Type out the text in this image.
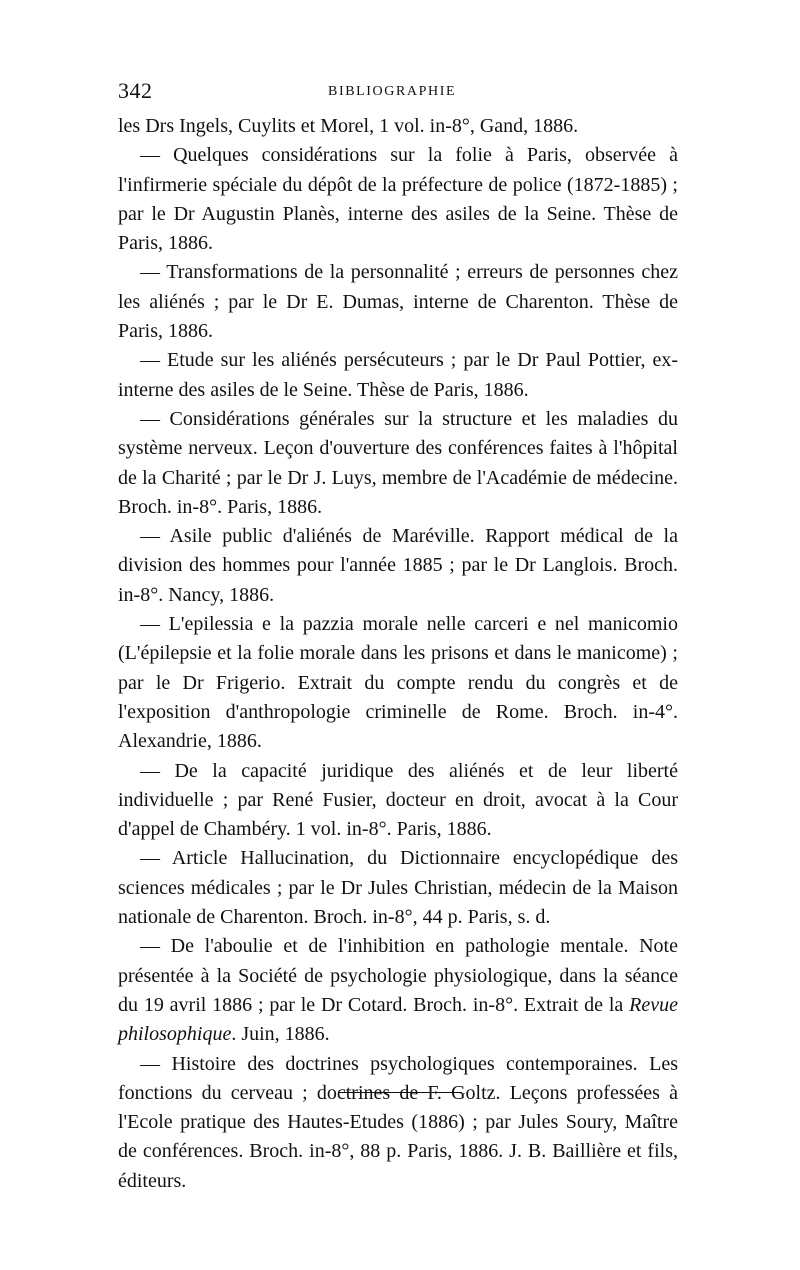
342	BIBLIOGRAPHIE

les Drs Ingels, Cuylits et Morel, 1 vol. in-8°, Gand, 1886.

— Quelques considérations sur la folie à Paris, observée à l'infirmerie spéciale du dépôt de la préfecture de police (1872-1885) ; par le Dr Augustin Planès, interne des asiles de la Seine. Thèse de Paris, 1886.

— Transformations de la personnalité ; erreurs de personnes chez les aliénés ; par le Dr E. Dumas, interne de Charenton. Thèse de Paris, 1886.

— Etude sur les aliénés persécuteurs ; par le Dr Paul Pottier, ex-interne des asiles de le Seine. Thèse de Paris, 1886.

— Considérations générales sur la structure et les maladies du système nerveux. Leçon d'ouverture des conférences faites à l'hôpital de la Charité ; par le Dr J. Luys, membre de l'Académie de médecine. Broch. in-8°. Paris, 1886.

— Asile public d'aliénés de Maréville. Rapport médical de la division des hommes pour l'année 1885 ; par le Dr Langlois. Broch. in-8°. Nancy, 1886.

— L'epilessia e la pazzia morale nelle carceri e nel manicomio (L'épilepsie et la folie morale dans les prisons et dans le manicome) ; par le Dr Frigerio. Extrait du compte rendu du congrès et de l'exposition d'anthropologie criminelle de Rome. Broch. in-4°. Alexandrie, 1886.

— De la capacité juridique des aliénés et de leur liberté individuelle ; par René Fusier, docteur en droit, avocat à la Cour d'appel de Chambéry. 1 vol. in-8°. Paris, 1886.

— Article Hallucination, du Dictionnaire encyclopédique des sciences médicales ; par le Dr Jules Christian, médecin de la Maison nationale de Charenton. Broch. in-8°, 44 p. Paris, s. d.

— De l'aboulie et de l'inhibition en pathologie mentale. Note présentée à la Société de psychologie physiologique, dans la séance du 19 avril 1886 ; par le Dr Cotard. Broch. in-8°. Extrait de la Revue philosophique. Juin, 1886.

— Histoire des doctrines psychologiques contemporaines. Les fonctions du cerveau ; doctrines de F. Goltz. Leçons professées à l'Ecole pratique des Hautes-Etudes (1886) ; par Jules Soury, Maître de conférences. Broch. in-8°, 88 p. Paris, 1886. J. B. Baillière et fils, éditeurs.
